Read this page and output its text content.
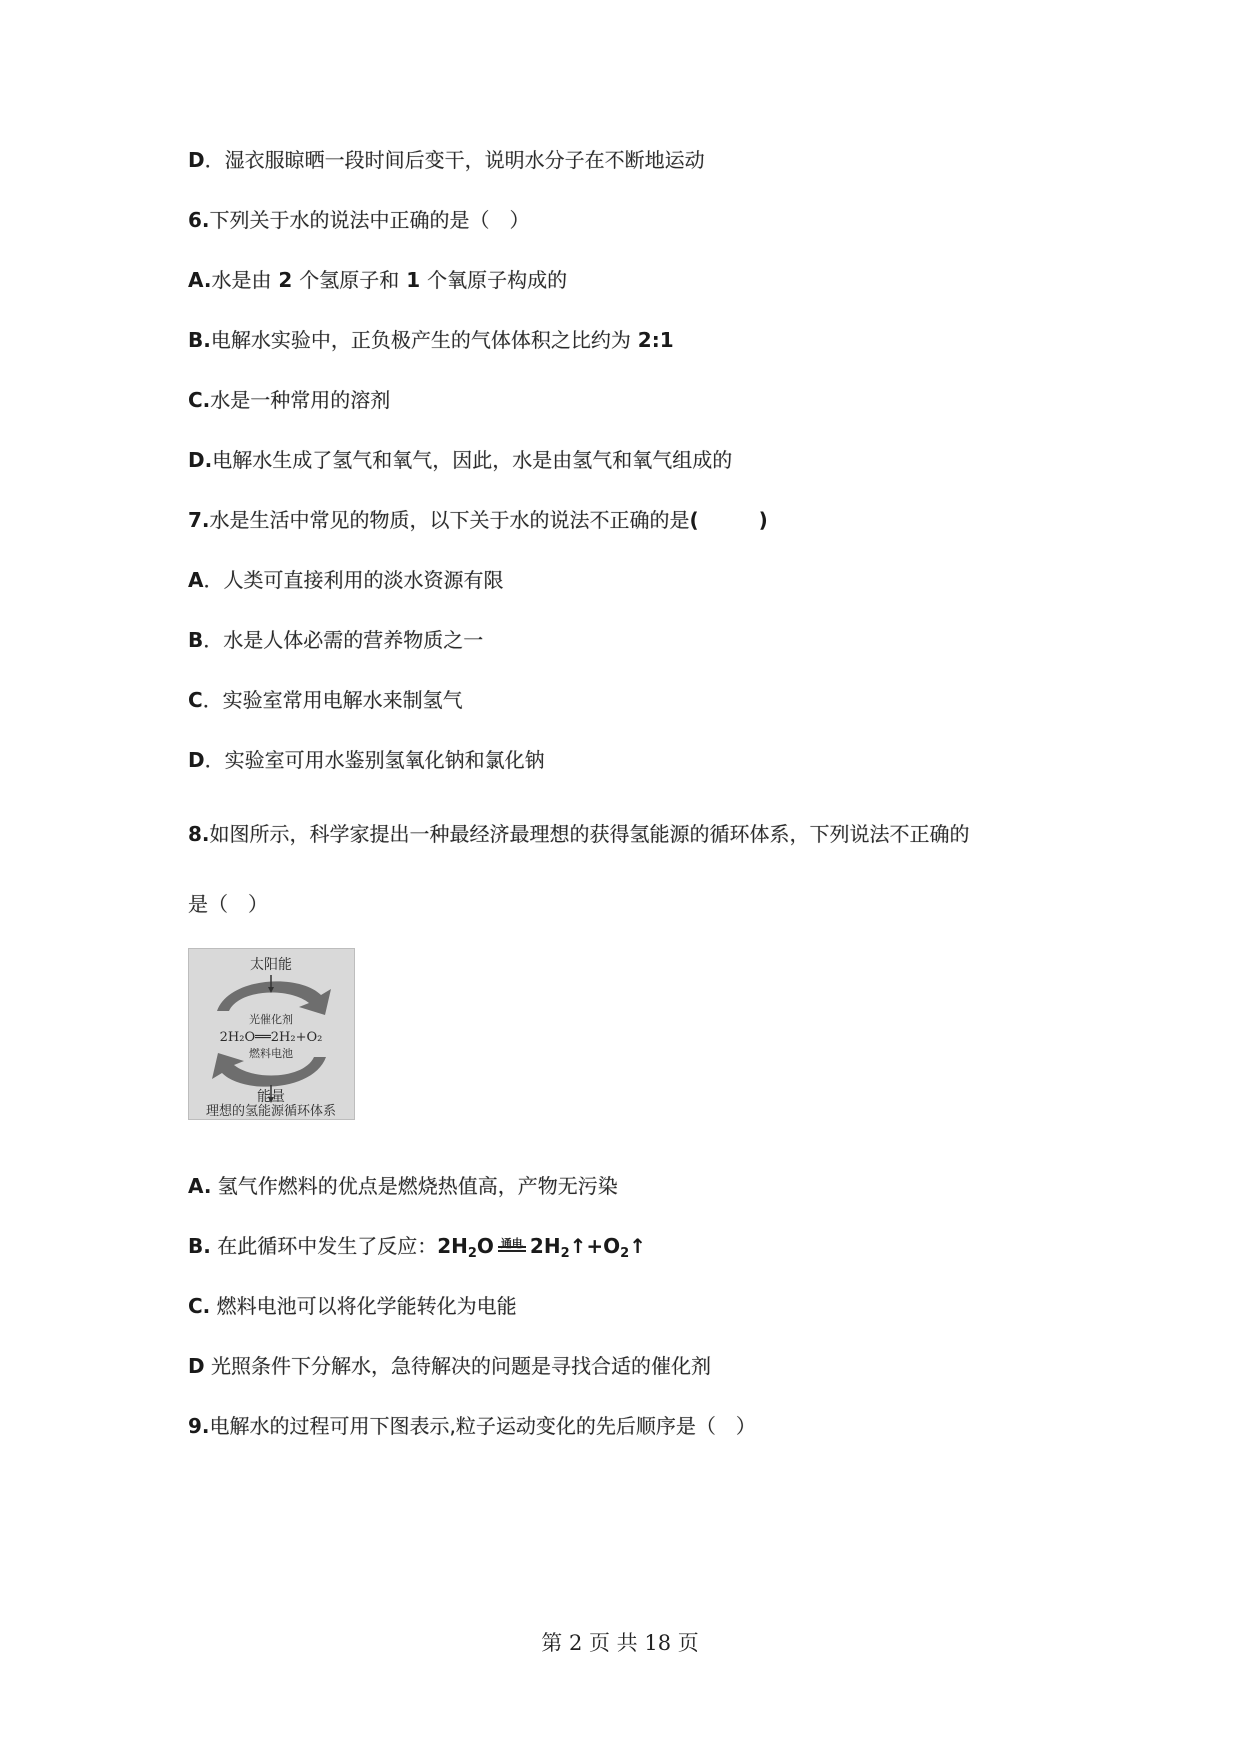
D．湿衣服晾晒一段时间后变干，说明水分子在不断地运动
6.下列关于水的说法中正确的是（　）
A.水是由 2 个氢原子和 1 个氧原子构成的
B.电解水实验中，正负极产生的气体体积之比约为 2:1
C.水是一种常用的溶剂
D.电解水生成了氢气和氧气，因此，水是由氢气和氧气组成的
7.水是生活中常见的物质，以下关于水的说法不正确的是(　　　)
A．人类可直接利用的淡水资源有限
B．水是人体必需的营养物质之一
C．实验室常用电解水来制氢气
D．实验室可用水鉴别氢氧化钠和氯化钠
8.如图所示，科学家提出一种最经济最理想的获得氢能源的循环体系，下列说法不正确的
是（　）
太阳能
光催化剂
2H₂O══2H₂+O₂
燃料电池
能量
理想的氢能源循环体系
A. 氢气作燃料的优点是燃烧热值高，产物无污染
B. 在此循环中发生了反应：$2H_2O$ 通电 $2H_2↑+O_2↑$
C. 燃料电池可以将化学能转化为电能
D 光照条件下分解水，急待解决的问题是寻找合适的催化剂
9.电解水的过程可用下图表示,粒子运动变化的先后顺序是（　）
第 2 页 共 18 页
